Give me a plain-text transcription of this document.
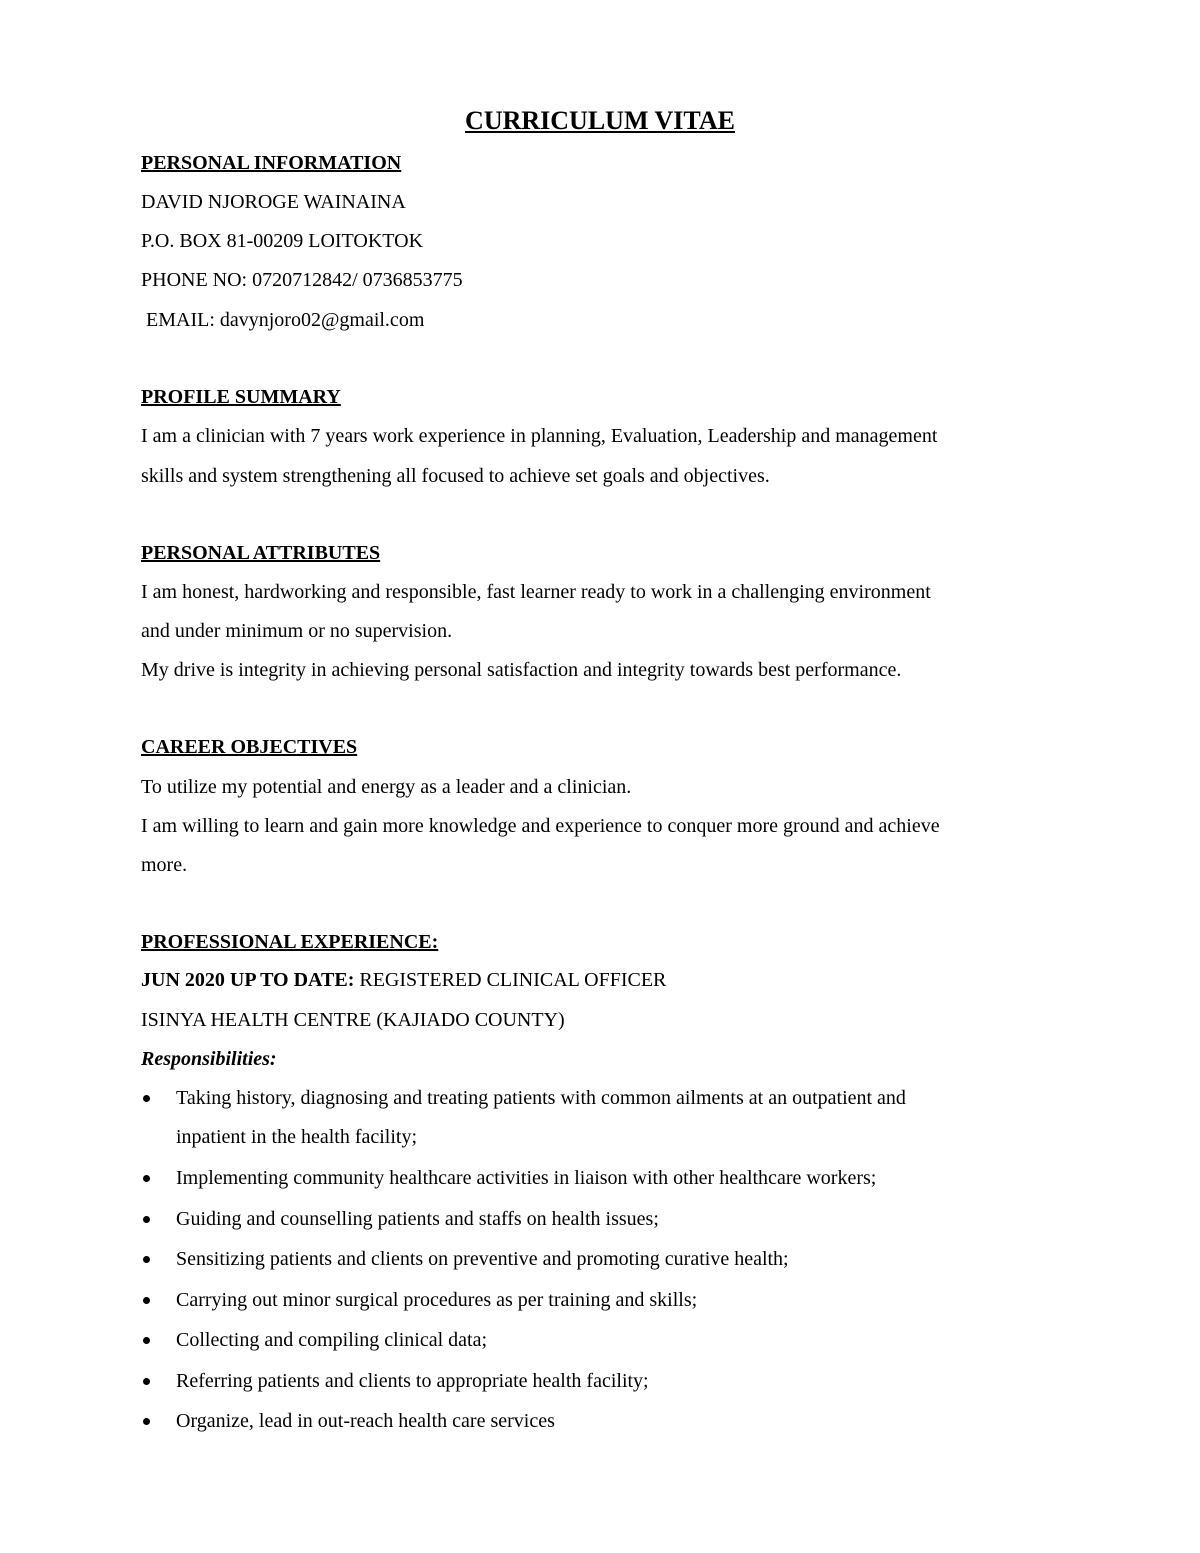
CURRICULUM VITAE
PERSONAL INFORMATION
DAVID NJOROGE WAINAINA
P.O. BOX 81-00209 LOITOKTOK
PHONE NO: 0720712842/ 0736853775
EMAIL: davynjoro02@gmail.com
PROFILE SUMMARY
I am a clinician with 7 years work experience in planning, Evaluation, Leadership and management
skills and system strengthening all focused to achieve set goals and objectives.
PERSONAL ATTRIBUTES
I am honest, hardworking and responsible, fast learner ready to work in a challenging environment
and under minimum or no supervision.
My drive is integrity in achieving personal satisfaction and integrity towards best performance.
CAREER OBJECTIVES
To utilize my potential and energy as a leader and a clinician.
I am willing to learn and gain more knowledge and experience to conquer more ground and achieve
more.
PROFESSIONAL EXPERIENCE:
JUN 2020 UP TO DATE: REGISTERED CLINICAL OFFICER
ISINYA HEALTH CENTRE (KAJIADO COUNTY)
Responsibilities:
Taking history, diagnosing and treating patients with common ailments at an outpatient and
inpatient in the health facility;
Implementing community healthcare activities in liaison with other healthcare workers;
Guiding and counselling patients and staffs on health issues;
Sensitizing patients and clients on preventive and promoting curative health;
Carrying out minor surgical procedures as per training and skills;
Collecting and compiling clinical data;
Referring patients and clients to appropriate health facility;
Organize, lead in out-reach health care services
